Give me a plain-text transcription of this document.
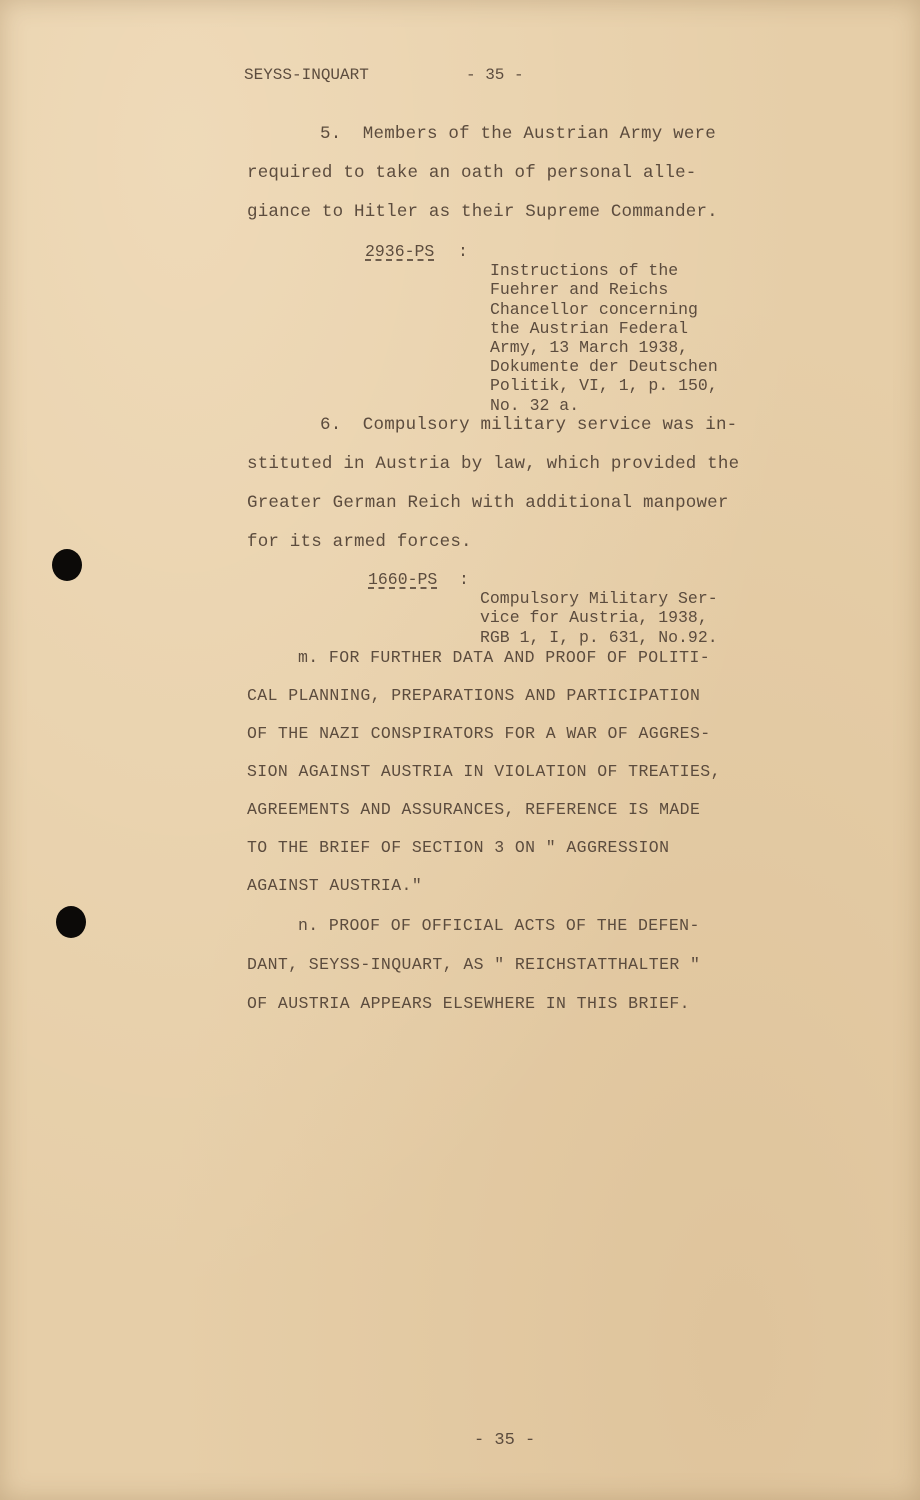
SEYSS-INQUART	- 35 -
5.  Members of the Austrian Army were
required to take an oath of personal alle-
giance to Hitler as their Supreme Commander.
2936-PS :

Instructions of the
Fuehrer and Reichs
Chancellor concerning
the Austrian Federal
Army, 13 March 1938,
Dokumente der Deutschen
Politik, VI, 1, p. 150,
No. 32 a.
6.  Compulsory military service was in-
stituted in Austria by law, which provided the
Greater German Reich with additional manpower
for its armed forces.
1660-PS :

Compulsory Military Ser-
vice for Austria, 1938,
RGB 1, I, p. 631, No.92.
m. FOR FURTHER DATA AND PROOF OF POLITI-
CAL PLANNING, PREPARATIONS AND PARTICIPATION
OF THE NAZI CONSPIRATORS FOR A WAR OF AGGRES-
SION AGAINST AUSTRIA IN VIOLATION OF TREATIES,
AGREEMENTS AND ASSURANCES, REFERENCE IS MADE
TO THE BRIEF OF SECTION 3 ON " AGGRESSION
AGAINST AUSTRIA."
n. PROOF OF OFFICIAL ACTS OF THE DEFEN-
DANT, SEYSS-INQUART, AS " REICHSTATTHALTER "
OF AUSTRIA APPEARS ELSEWHERE IN THIS BRIEF.
- 35 -
